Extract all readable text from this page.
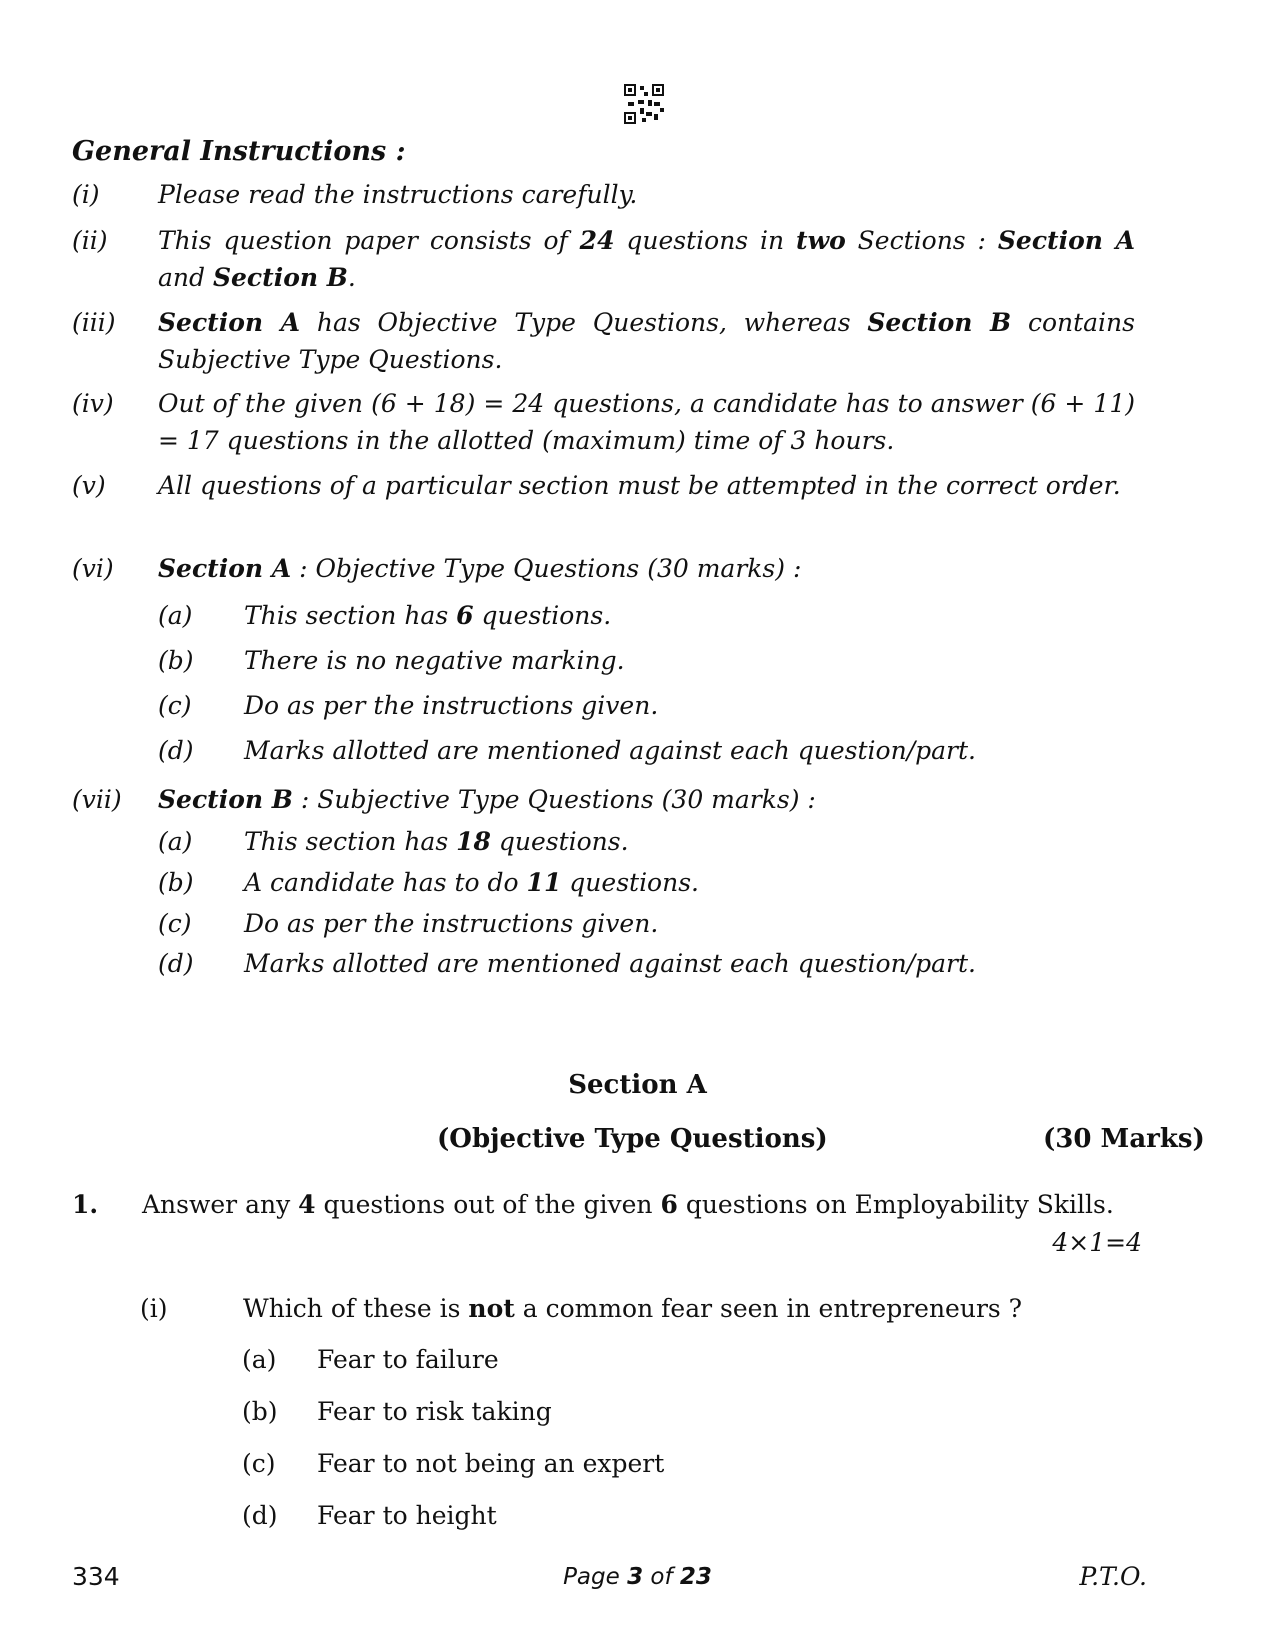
General Instructions :
(i)	Please read the instructions carefully.
(ii)	This question paper consists of 24 questions in two Sections : Section A and Section B.
(iii)	Section A has Objective Type Questions, whereas Section B contains Subjective Type Questions.
(iv)	Out of the given (6 + 18) = 24 questions, a candidate has to answer (6 + 11) = 17 questions in the allotted (maximum) time of 3 hours.
(v)	All questions of a particular section must be attempted in the correct order.
(vi)	Section A : Objective Type Questions (30 marks) :
(a) This section has 6 questions.
(b) There is no negative marking.
(c) Do as per the instructions given.
(d) Marks allotted are mentioned against each question/part.
(vii)	Section B : Subjective Type Questions (30 marks) :
(a) This section has 18 questions.
(b) A candidate has to do 11 questions.
(c) Do as per the instructions given.
(d) Marks allotted are mentioned against each question/part.
Section A
(Objective Type Questions)	(30 Marks)
1. Answer any 4 questions out of the given 6 questions on Employability Skills.
4×1=4
(i)	Which of these is not a common fear seen in entrepreneurs ?
(a) Fear to failure
(b) Fear to risk taking
(c) Fear to not being an expert
(d) Fear to height
334	Page 3 of 23	P.T.O.
